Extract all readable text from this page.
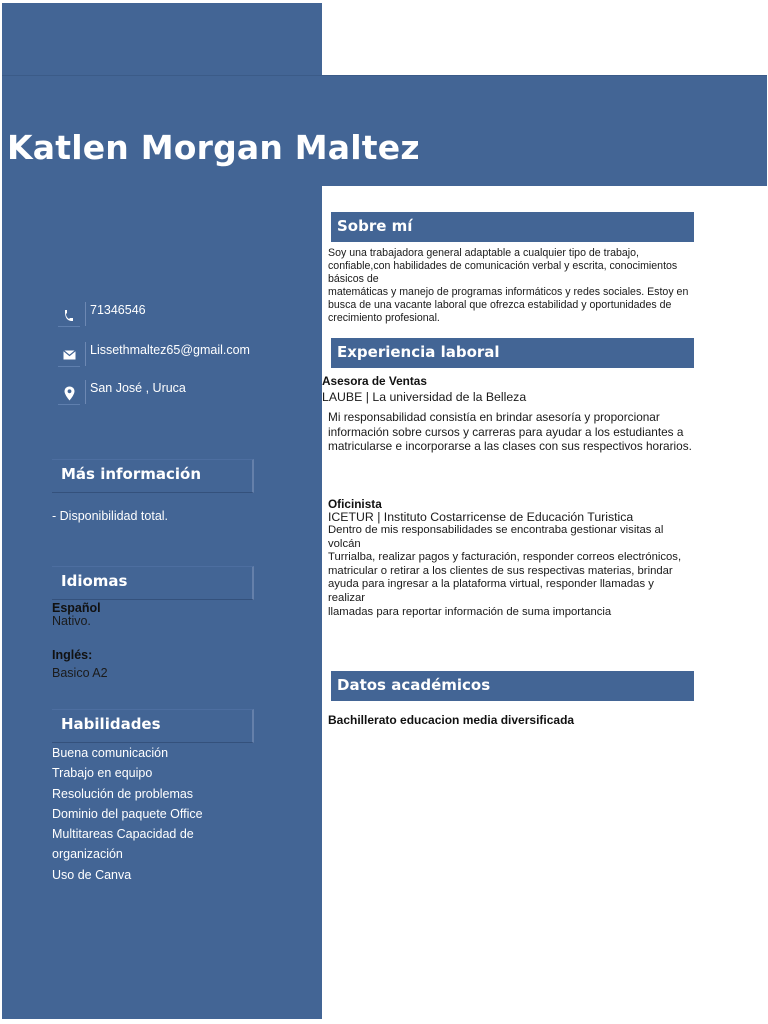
Katlen Morgan Maltez
71346546
Lissethmaltez65@gmail.com
San José , Uruca
Más información
- Disponibilidad total.
Idiomas
Español
Nativo.
Inglés:
Basico A2
Habilidades
Buena comunicación
Trabajo en equipo
Resolución de problemas
Dominio del paquete Office
Multitareas Capacidad de organización
Uso de Canva
Sobre mí
Soy una trabajadora general adaptable a cualquier tipo de trabajo,
confiable,con habilidades de comunicación verbal y escrita, conocimientos
básicos de
matemáticas y manejo de programas informáticos y redes sociales. Estoy en
busca de una vacante laboral que ofrezca estabilidad y oportunidades de
crecimiento profesional.
Experiencia laboral
Asesora de Ventas
LAUBE | La universidad de la Belleza
Mi responsabilidad consistía en brindar asesoría y proporcionar
información sobre cursos y carreras para ayudar a los estudiantes a
matricularse e incorporarse a las clases con sus respectivos horarios.
Oficinista
ICETUR | Instituto Costarricense de Educación Turistica
Dentro de mis responsabilidades se encontraba gestionar visitas al
volcán
Turrialba, realizar pagos y facturación, responder correos electrónicos,
matricular o retirar a los clientes de sus respectivas materias, brindar
ayuda para ingresar a la plataforma virtual, responder llamadas y
realizar
llamadas para reportar información de suma importancia
Datos académicos
Bachillerato educacion media diversificada
